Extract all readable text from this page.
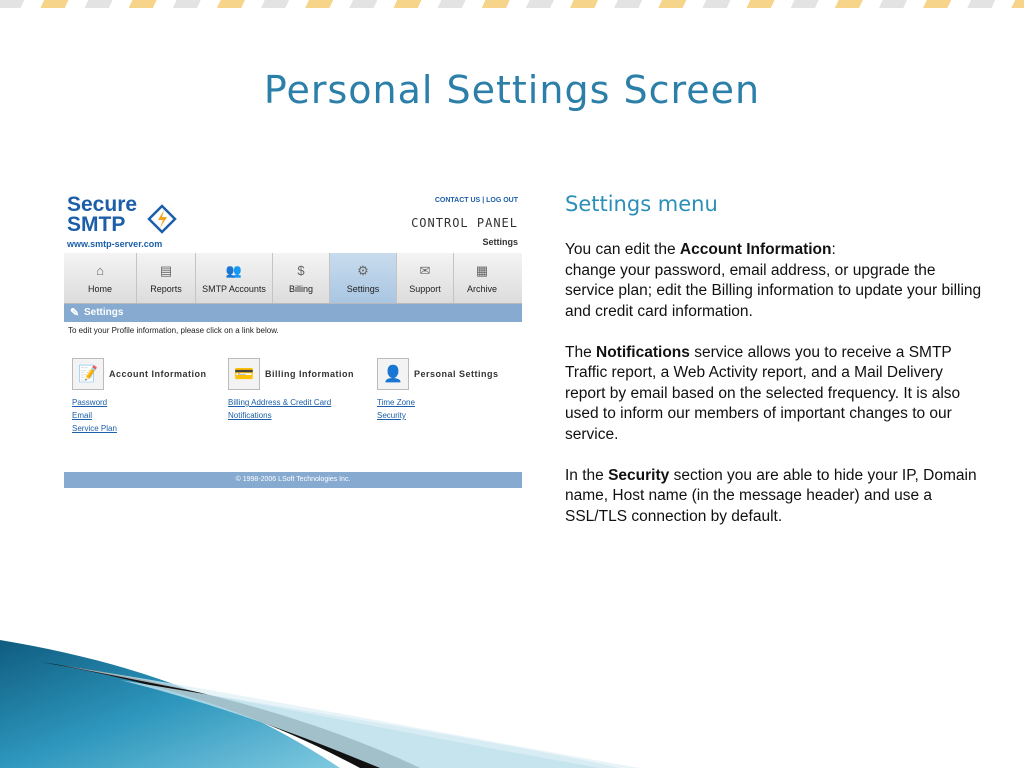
Personal Settings Screen
Secure
SMTP
www.smtp-server.com
CONTACT US | LOG OUT
CONTROL PANEL
Settings
⌂
Home
▤
Reports
👥
SMTP Accounts
$
Billing
⚙
Settings
✉
Support
▦
Archive
✎ Settings
To edit your Profile information, please click on a link below.
📝	Account Information
Password
Email
Service Plan
💳	Billing Information
Billing Address & Credit Card
Notifications
👤	Personal Settings
Time Zone
Security
© 1998-2006 LSoft Technologies Inc.
Settings menu

You can edit the Account Information:
change your password, email address, or upgrade the service plan; edit the Billing information to update your billing and credit card information.

The Notifications service allows you to receive a SMTP Traffic report, a Web Activity report, and a Mail Delivery report by email based on the selected frequency. It is also used to inform our members of important changes to our service.

In the Security section you are able to hide your IP, Domain name, Host name (in the message header) and use a SSL/TLS connection by default.
